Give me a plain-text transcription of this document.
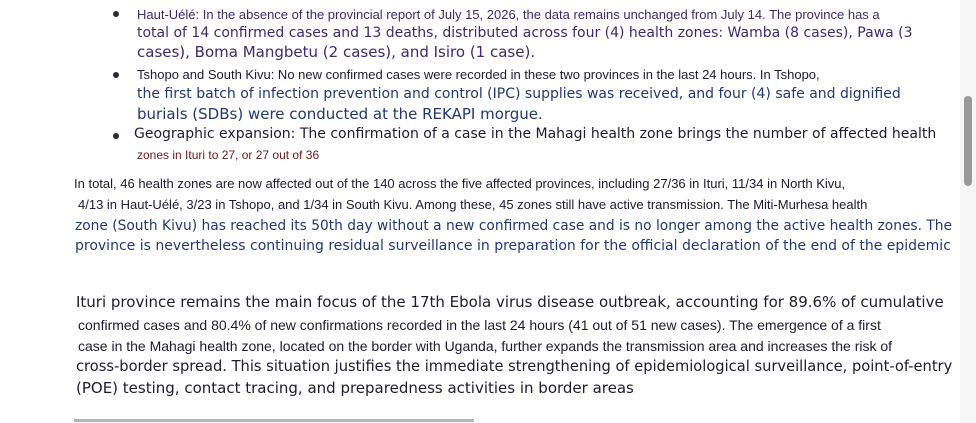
Haut-Uélé: In the absence of the provincial report of July 15, 2026, the data remains unchanged from July 14. The province has a
total of 14 confirmed cases and 13 deaths, distributed across four (4) health zones: Wamba (8 cases), Pawa (3
cases), Boma Mangbetu (2 cases), and Isiro (1 case).
Tshopo and South Kivu: No new confirmed cases were recorded in these two provinces in the last 24 hours. In Tshopo,
the first batch of infection prevention and control (IPC) supplies was received, and four (4) safe and dignified
burials (SDBs) were conducted at the REKAPI morgue.
Geographic expansion: The confirmation of a case in the Mahagi health zone brings the number of affected health
zones in Ituri to 27, or 27 out of 36
In total, 46 health zones are now affected out of the 140 across the five affected provinces, including 27/36 in Ituri, 11/34 in North Kivu,
4/13 in Haut-Uélé, 3/23 in Tshopo, and 1/34 in South Kivu. Among these, 45 zones still have active transmission. The Miti-Murhesa health
zone (South Kivu) has reached its 50th day without a new confirmed case and is no longer among the active health zones. The
province is nevertheless continuing residual surveillance in preparation for the official declaration of the end of the epidemic
Ituri province remains the main focus of the 17th Ebola virus disease outbreak, accounting for 89.6% of cumulative
confirmed cases and 80.4% of new confirmations recorded in the last 24 hours (41 out of 51 new cases). The emergence of a first
case in the Mahagi health zone, located on the border with Uganda, further expands the transmission area and increases the risk of
cross-border spread. This situation justifies the immediate strengthening of epidemiological surveillance, point-of-entry
(POE) testing, contact tracing, and preparedness activities in border areas
